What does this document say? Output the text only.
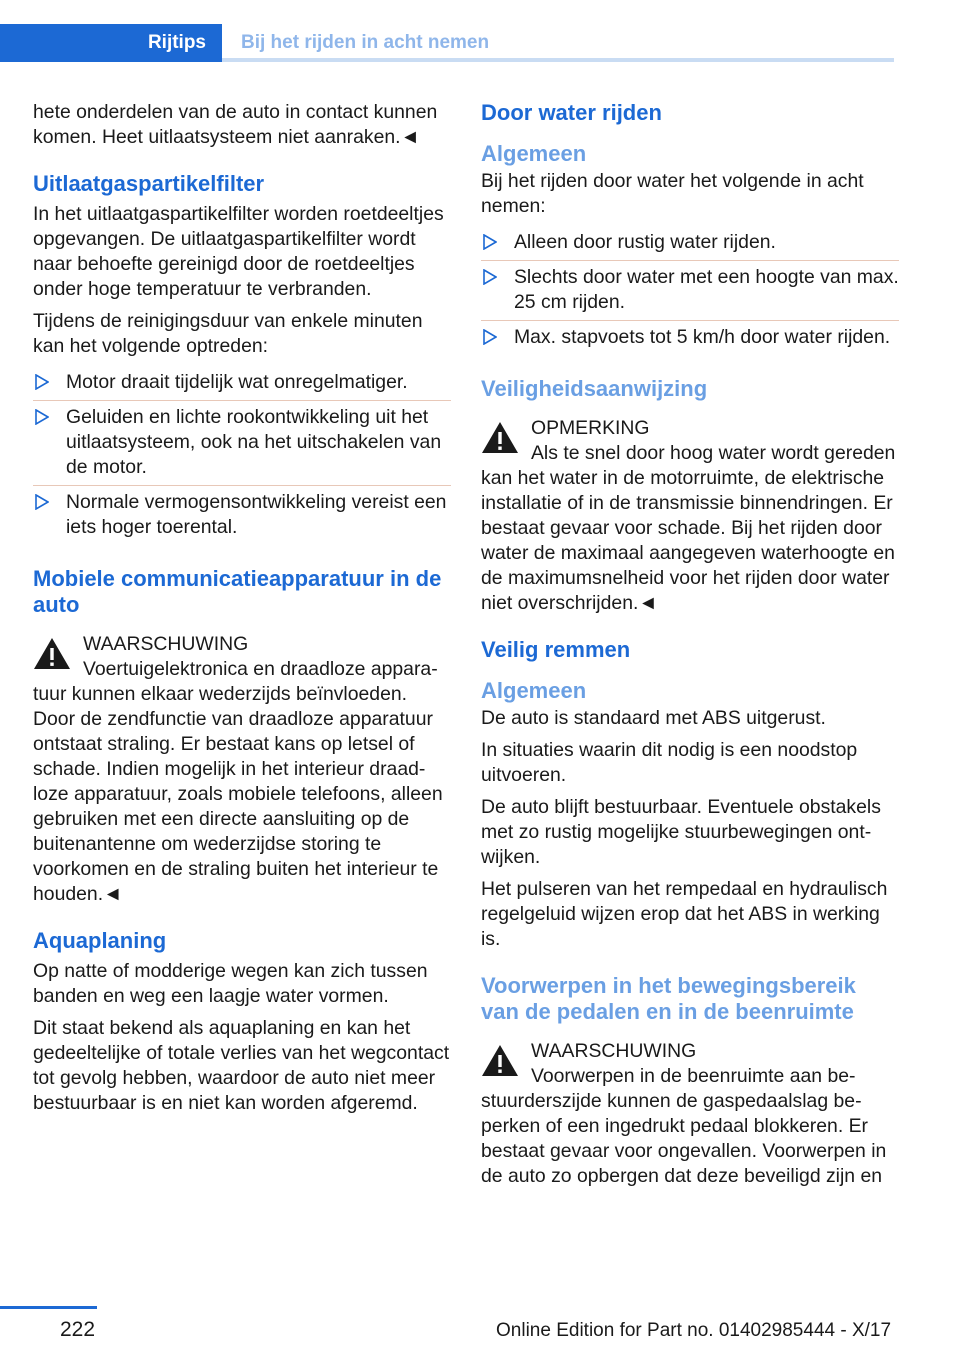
Rijtips	Bij het rijden in acht nemen

hete onderdelen van de auto in contact kunnen komen. Heet uitlaatsysteem niet aanraken.◄

Uitlaatgaspartikelfilter

In het uitlaatgaspartikelfilter worden roetdeeltjes opgevangen. De uitlaatgaspartikelfilter wordt naar behoefte gereinigd door de roetdeeltjes onder hoge temperatuur te verbranden.

Tijdens de reinigingsduur van enkele minuten kan het volgende optreden:

Motor draait tijdelijk wat onregelmatiger.
Geluiden en lichte rookontwikkeling uit het uitlaatsysteem, ook na het uitschakelen van de motor.
Normale vermogensontwikkeling vereist een iets hoger toerental.
Mobiele communicatieapparatuur in de auto
WAARSCHUWING
Voertuigelektronica en draadloze apparatuur kunnen elkaar wederzijds beïnvloeden. Door de zendfunctie van draadloze apparatuur ontstaat straling. Er bestaat kans op letsel of schade. Indien mogelijk in het interieur draadloze apparatuur, zoals mobiele telefoons, alleen gebruiken met een directe aansluiting op de buitenantenne om wederzijdse storing te voorkomen en de straling buiten het interieur te houden.◄
Aquaplaning

Op natte of modderige wegen kan zich tussen banden en weg een laagje water vormen.

Dit staat bekend als aquaplaning en kan het gedeeltelijke of totale verlies van het wegcontact tot gevolg hebben, waardoor de auto niet meer bestuurbaar is en niet kan worden afgeremd.

Door water rijden
Algemeen

Bij het rijden door water het volgende in acht nemen:

Alleen door rustig water rijden.
Slechts door water met een hoogte van max. 25 cm rijden.
Max. stapvoets tot 5 km/h door water rijden.
Veiligheidsaanwijzing
OPMERKING
Als te snel door hoog water wordt gereden kan het water in de motorruimte, de elektrische installatie of in de transmissie binnendringen. Er bestaat gevaar voor schade. Bij het rijden door water de maximaal aangegeven waterhoogte en de maximumsnelheid voor het rijden door water niet overschrijden.◄
Veilig remmen
Algemeen

De auto is standaard met ABS uitgerust.

In situaties waarin dit nodig is een noodstop uitvoeren.

De auto blijft bestuurbaar. Eventuele obstakels met zo rustig mogelijke stuurbewegingen ontwijken.

Het pulseren van het rempedaal en hydraulisch regelgeluid wijzen erop dat het ABS in werking is.

Voorwerpen in het bewegingsbereik van de pedalen en in de beenruimte
WAARSCHUWING
Voorwerpen in de beenruimte aan bestuurderszijde kunnen de gaspedaalslag beperken of een ingedrukt pedaal blokkeren. Er bestaat gevaar voor ongevallen. Voorwerpen in de auto zo opbergen dat deze beveiligd zijn en
222	Online Edition for Part no. 01402985444 - X/17
